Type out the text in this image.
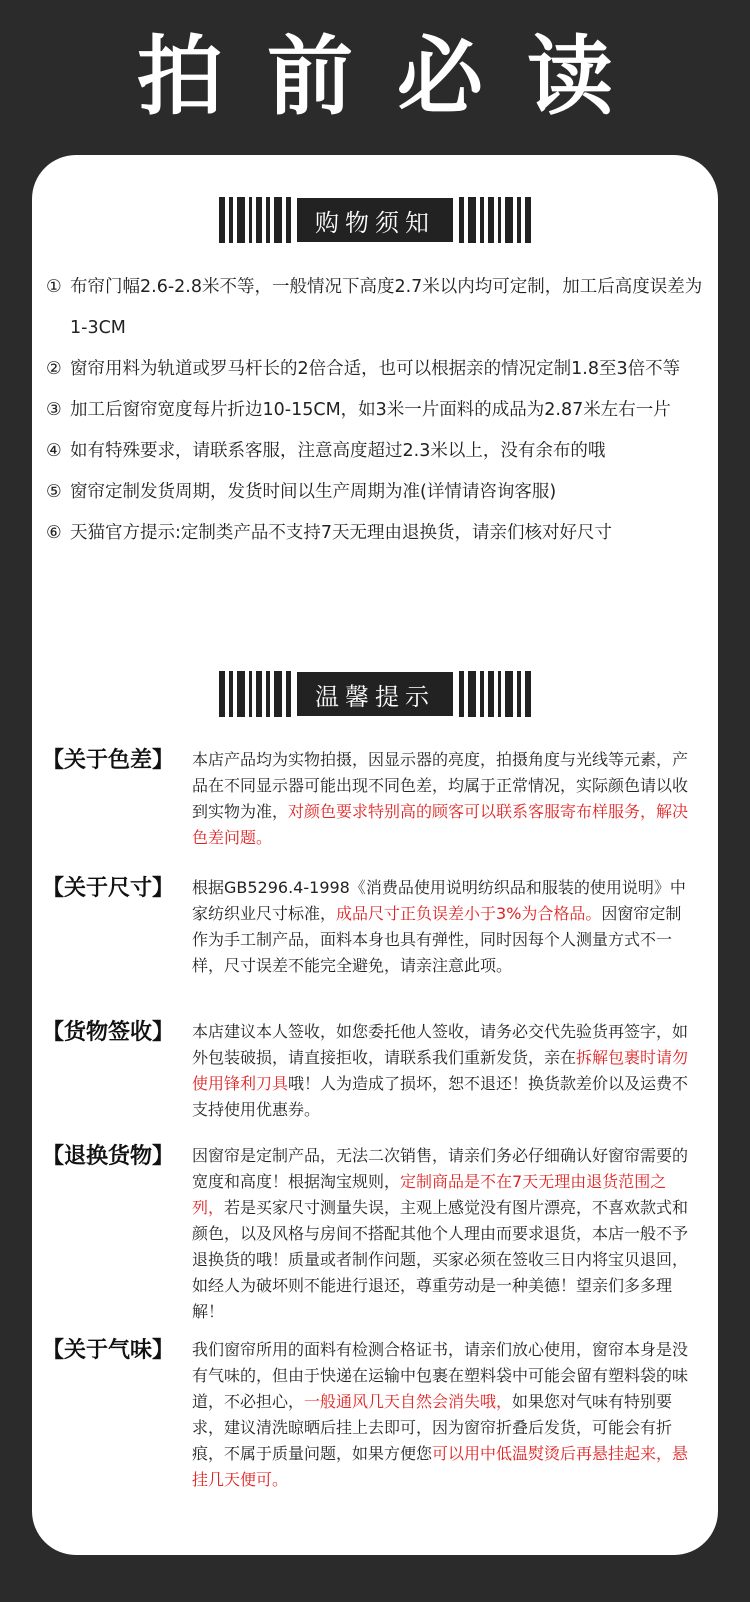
拍前必读
购物须知
① 布帘门幅2.6-2.8米不等，一般情况下高度2.7米以内均可定制，加工后高度误差为1-3CM
② 窗帘用料为轨道或罗马杆长的2倍合适，也可以根据亲的情况定制1.8至3倍不等
③ 加工后窗帘宽度每片折边10-15CM，如3米一片面料的成品为2.87米左右一片
④ 如有特殊要求，请联系客服，注意高度超过2.3米以上，没有余布的哦
⑤ 窗帘定制发货周期，发货时间以生产周期为准(详情请咨询客服)
⑥ 天猫官方提示:定制类产品不支持7天无理由退换货，请亲们核对好尺寸
温馨提示
【关于色差】	本店产品均为实物拍摄，因显示器的亮度，拍摄角度与光线等元素，产品在不同显示器可能出现不同色差，均属于正常情况，实际颜色请以收到实物为准，对颜色要求特别高的顾客可以联系客服寄布样服务，解决色差问题。
【关于尺寸】	根据GB5296.4-1998《消费品使用说明纺织品和服装的使用说明》中家纺织业尺寸标准，成品尺寸正负误差小于3%为合格品。因窗帘定制作为手工制产品，面料本身也具有弹性，同时因每个人测量方式不一样，尺寸误差不能完全避免，请亲注意此项。
【货物签收】	本店建议本人签收，如您委托他人签收，请务必交代先验货再签字，如外包装破损，请直接拒收，请联系我们重新发货，亲在拆解包裹时请勿使用锋利刀具哦！人为造成了损坏，恕不退还！换货款差价以及运费不支持使用优惠券。
【退换货物】	因窗帘是定制产品，无法二次销售，请亲们务必仔细确认好窗帘需要的宽度和高度！根据淘宝规则，定制商品是不在7天无理由退货范围之列，若是买家尺寸测量失误，主观上感觉没有图片漂亮，不喜欢款式和颜色，以及风格与房间不搭配其他个人理由而要求退货，本店一般不予退换货的哦！质量或者制作问题，买家必须在签收三日内将宝贝退回，如经人为破坏则不能进行退还，尊重劳动是一种美德！望亲们多多理解！
【关于气味】	我们窗帘所用的面料有检测合格证书，请亲们放心使用，窗帘本身是没有气味的，但由于快递在运输中包裹在塑料袋中可能会留有塑料袋的味道，不必担心，一般通风几天自然会消失哦，如果您对气味有特别要求，建议清洗晾晒后挂上去即可，因为窗帘折叠后发货，可能会有折痕，不属于质量问题，如果方便您可以用中低温熨烫后再悬挂起来，悬挂几天便可。
